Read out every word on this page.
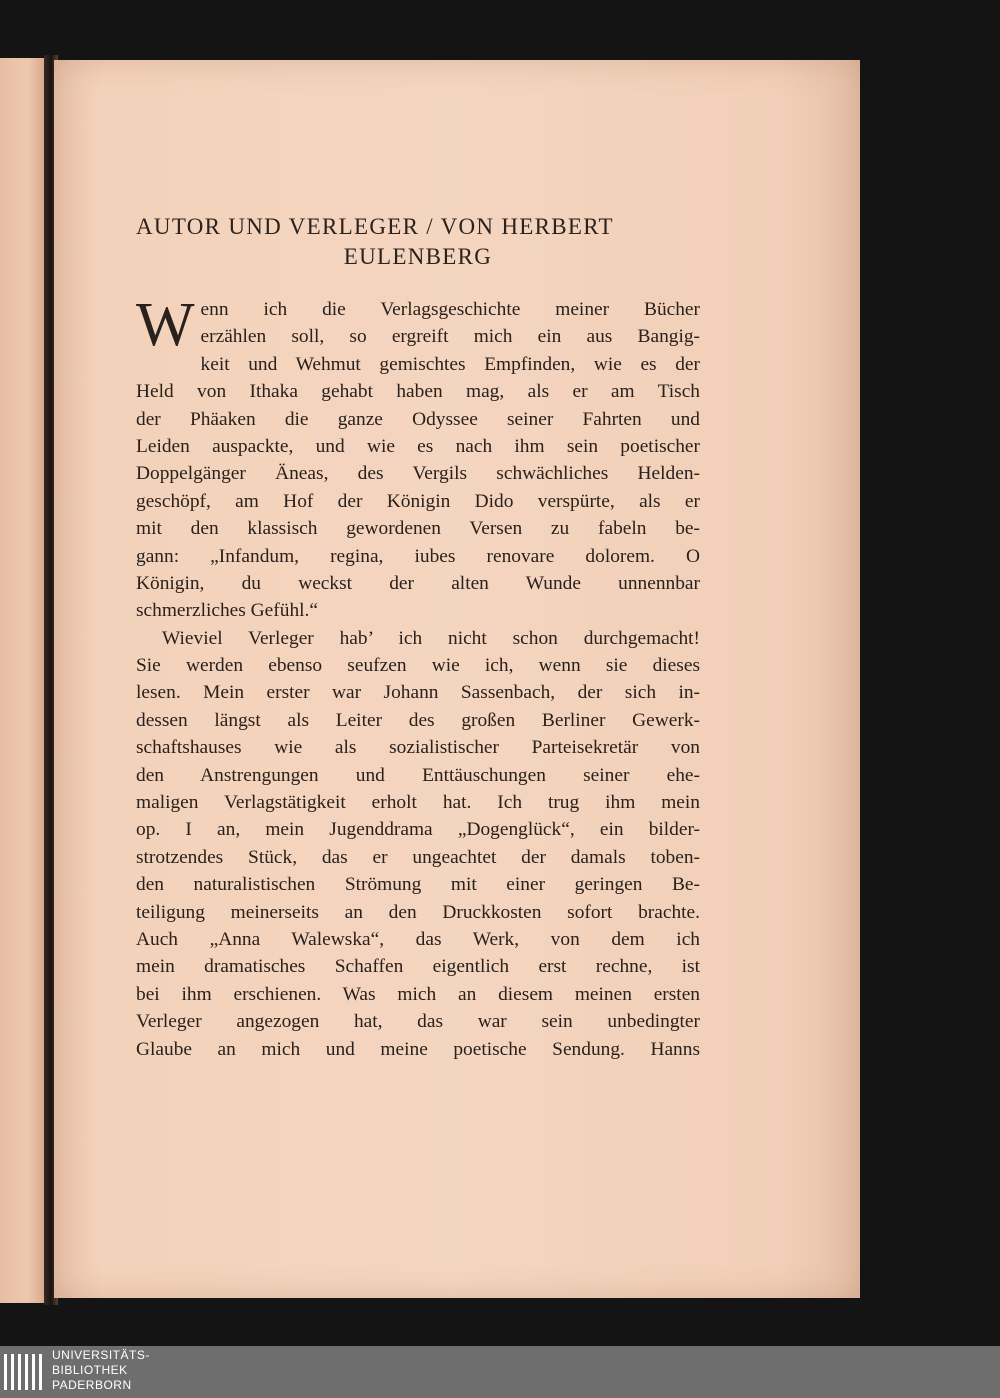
AUTOR UND VERLEGER / VON HERBERT
EULENBERG
W enn ich die Verlagsgeschichte meiner Bücher
erzählen soll, so ergreift mich ein aus Bangig-
keit und Wehmut gemischtes Empfinden, wie es der
Held von Ithaka gehabt haben mag, als er am Tisch
der Phäaken die ganze Odyssee seiner Fahrten und
Leiden auspackte, und wie es nach ihm sein poetischer
Doppelgänger Äneas, des Vergils schwächliches Helden-
geschöpf, am Hof der Königin Dido verspürte, als er
mit den klassisch gewordenen Versen zu fabeln be-
gann: „Infandum, regina, iubes renovare dolorem. O
Königin, du weckst der alten Wunde unnennbar
schmerzliches Gefühl.“
Wieviel Verleger hab’ ich nicht schon durchgemacht!
Sie werden ebenso seufzen wie ich, wenn sie dieses
lesen. Mein erster war Johann Sassenbach, der sich in-
dessen längst als Leiter des großen Berliner Gewerk-
schaftshauses wie als sozialistischer Parteisekretär von
den Anstrengungen und Enttäuschungen seiner ehe-
maligen Verlagstätigkeit erholt hat. Ich trug ihm mein
op. I an, mein Jugenddrama „Dogenglück“, ein bilder-
strotzendes Stück, das er ungeachtet der damals toben-
den naturalistischen Strömung mit einer geringen Be-
teiligung meinerseits an den Druckkosten sofort brachte.
Auch „Anna Walewska“, das Werk, von dem ich
mein dramatisches Schaffen eigentlich erst rechne, ist
bei ihm erschienen. Was mich an diesem meinen ersten
Verleger angezogen hat, das war sein unbedingter
Glaube an mich und meine poetische Sendung. Hanns
UNIVERSITÄTS-
BIBLIOTHEK
PADERBORN
